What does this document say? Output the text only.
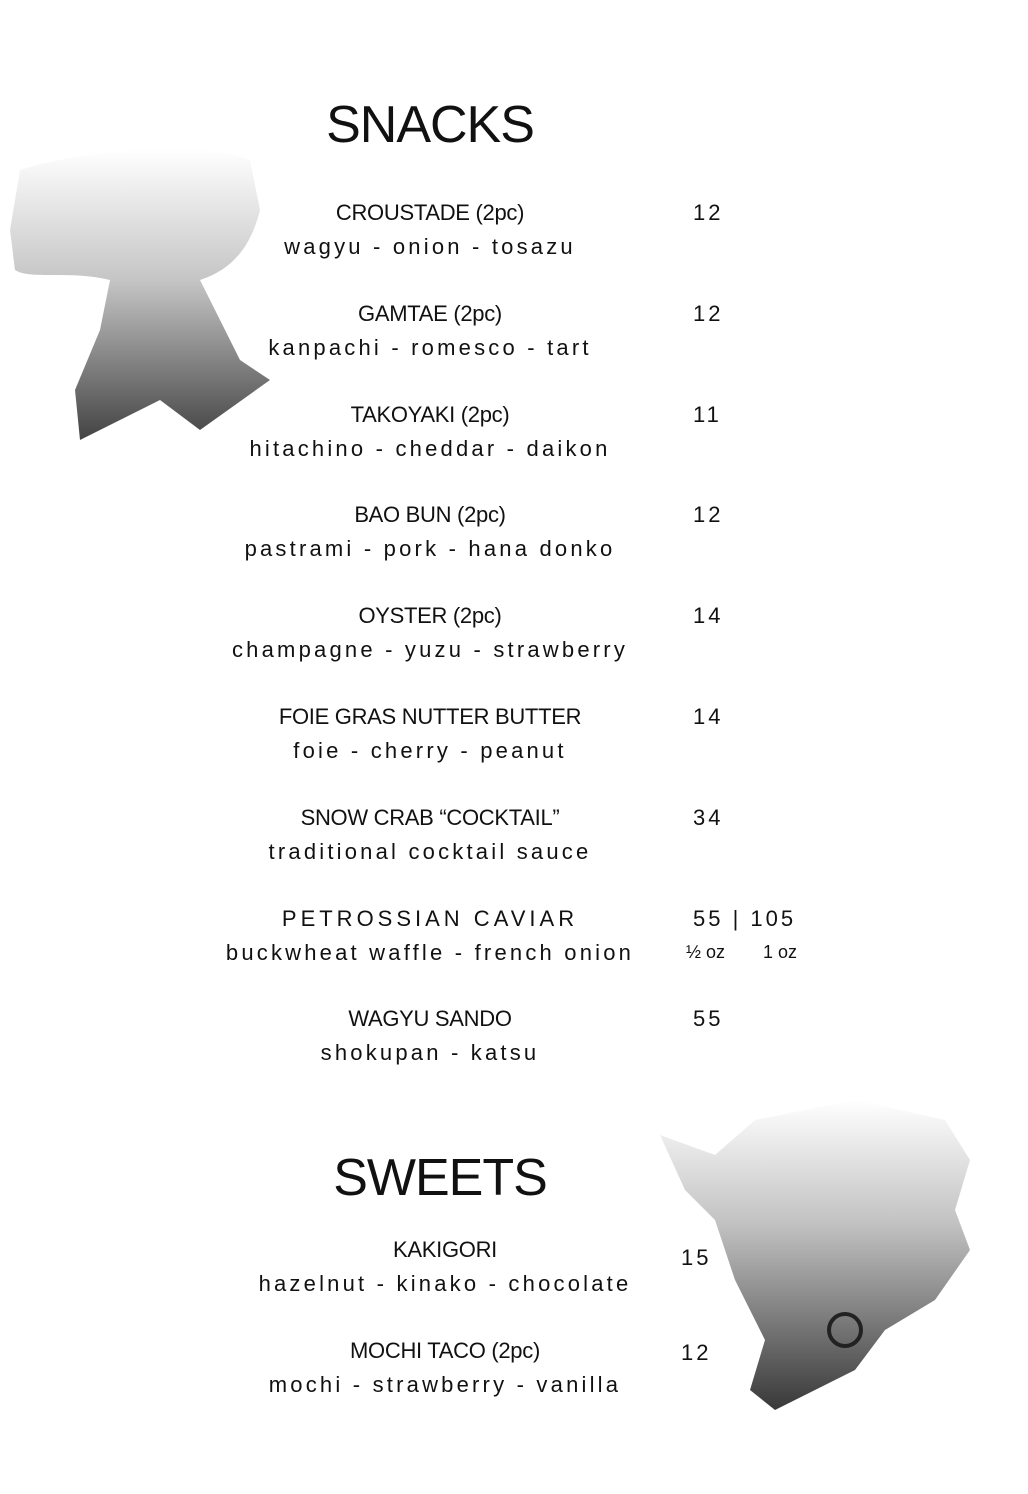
SNACKS
SWEETS
CROUSTADE (2pc)
wagyu - onion - tosazu
12
GAMTAE (2pc)
kanpachi - romesco - tart
12
TAKOYAKI (2pc)
hitachino - cheddar - daikon
11
BAO BUN (2pc)
pastrami - pork - hana donko
12
OYSTER (2pc)
champagne - yuzu - strawberry
14
FOIE GRAS NUTTER BUTTER
foie - cherry - peanut
14
SNOW CRAB “COCKTAIL”
traditional cocktail sauce
34
PETROSSIAN CAVIAR
buckwheat waffle - french onion
55 | 105
½ oz 1 oz
WAGYU SANDO
shokupan - katsu
55
KAKIGORI
hazelnut - kinako - chocolate
15
MOCHI TACO (2pc)
mochi - strawberry - vanilla
12
